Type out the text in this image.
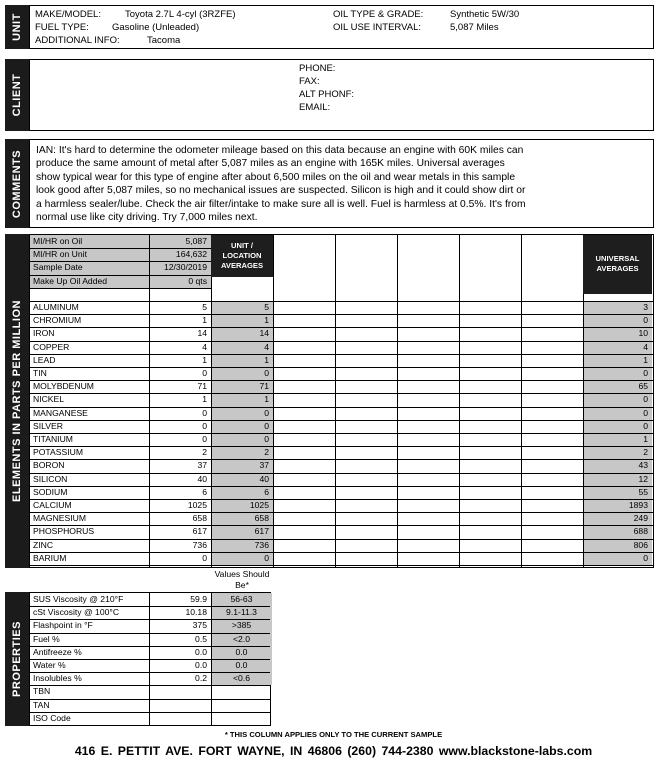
UNIT MAKE/MODEL:	Toyota 2.7L 4-cyl (3RZFE)
FUEL TYPE: Gasoline (Unleaded)
ADDITIONAL INFO:	Tacoma
OIL TYPE & GRADE:	Synthetic 5W/30
OIL USE INTERVAL:	5,087 Miles
CLIENT
PHONE:
FAX:
ALT PHONF:
EMAIL:
COMMENTS IAN: It's hard to determine the odometer mileage based on this data because an engine with 60K miles can
produce the same amount of metal after 5,087 miles as an engine with 165K miles. Universal averages
show typical wear for this type of engine after about 6,500 miles on the oil and wear metals in this sample
look good after 5,087 miles, so no mechanical issues are suspected. Silicon is high and it could show dirt or
a harmless sealer/lube. Check the air filter/intake to make sure all is well. Fuel is harmless at 0.5%. It's from
normal use like city driving. Try 7,000 miles next.
ELEMENTS IN PARTS PER MILLION
UNIT / LOCATION AVERAGES
UNIVERSAL AVERAGES
MI/HR on Oil	5,087
MI/HR on Unit	164,632
Sample Date	12/30/2019
Make Up Oil Added	0 qts
ALUMINUM	5	5	3
CHROMIUM	1	1	0
IRON	14	14	10
COPPER	4	4	4
LEAD	1	1	1
TIN	0	0	0
MOLYBDENUM	71	71	65
NICKEL	1	1	0
MANGANESE	0	0	0
SILVER	0	0	0
TITANIUM	0	0	1
POTASSIUM	2	2	2
BORON	37	37	43
SILICON	40	40	12
SODIUM	6	6	55
CALCIUM	1025	1025	1893
MAGNESIUM	658	658	249
PHOSPHORUS	617	617	688
ZINC	736	736	806
BARIUM	0	0	0
Values Should Be*
PROPERTIES
SUS Viscosity @ 210°F	59.9	56-63
cSt Viscosity @ 100°C	10.18	9.1-11.3
Flashpoint in °F	375	>385
Fuel %	0.5	<2.0
Antifreeze %	0.0	0.0
Water %	0.0	0.0
Insolubles %	0.2	<0.6
TBN
TAN
ISO Code
* THIS COLUMN APPLIES ONLY TO THE CURRENT SAMPLE
416 E. PETTIT AVE. FORT WAYNE, IN 46806 (260) 744-2380 www.blackstone-labs.com
